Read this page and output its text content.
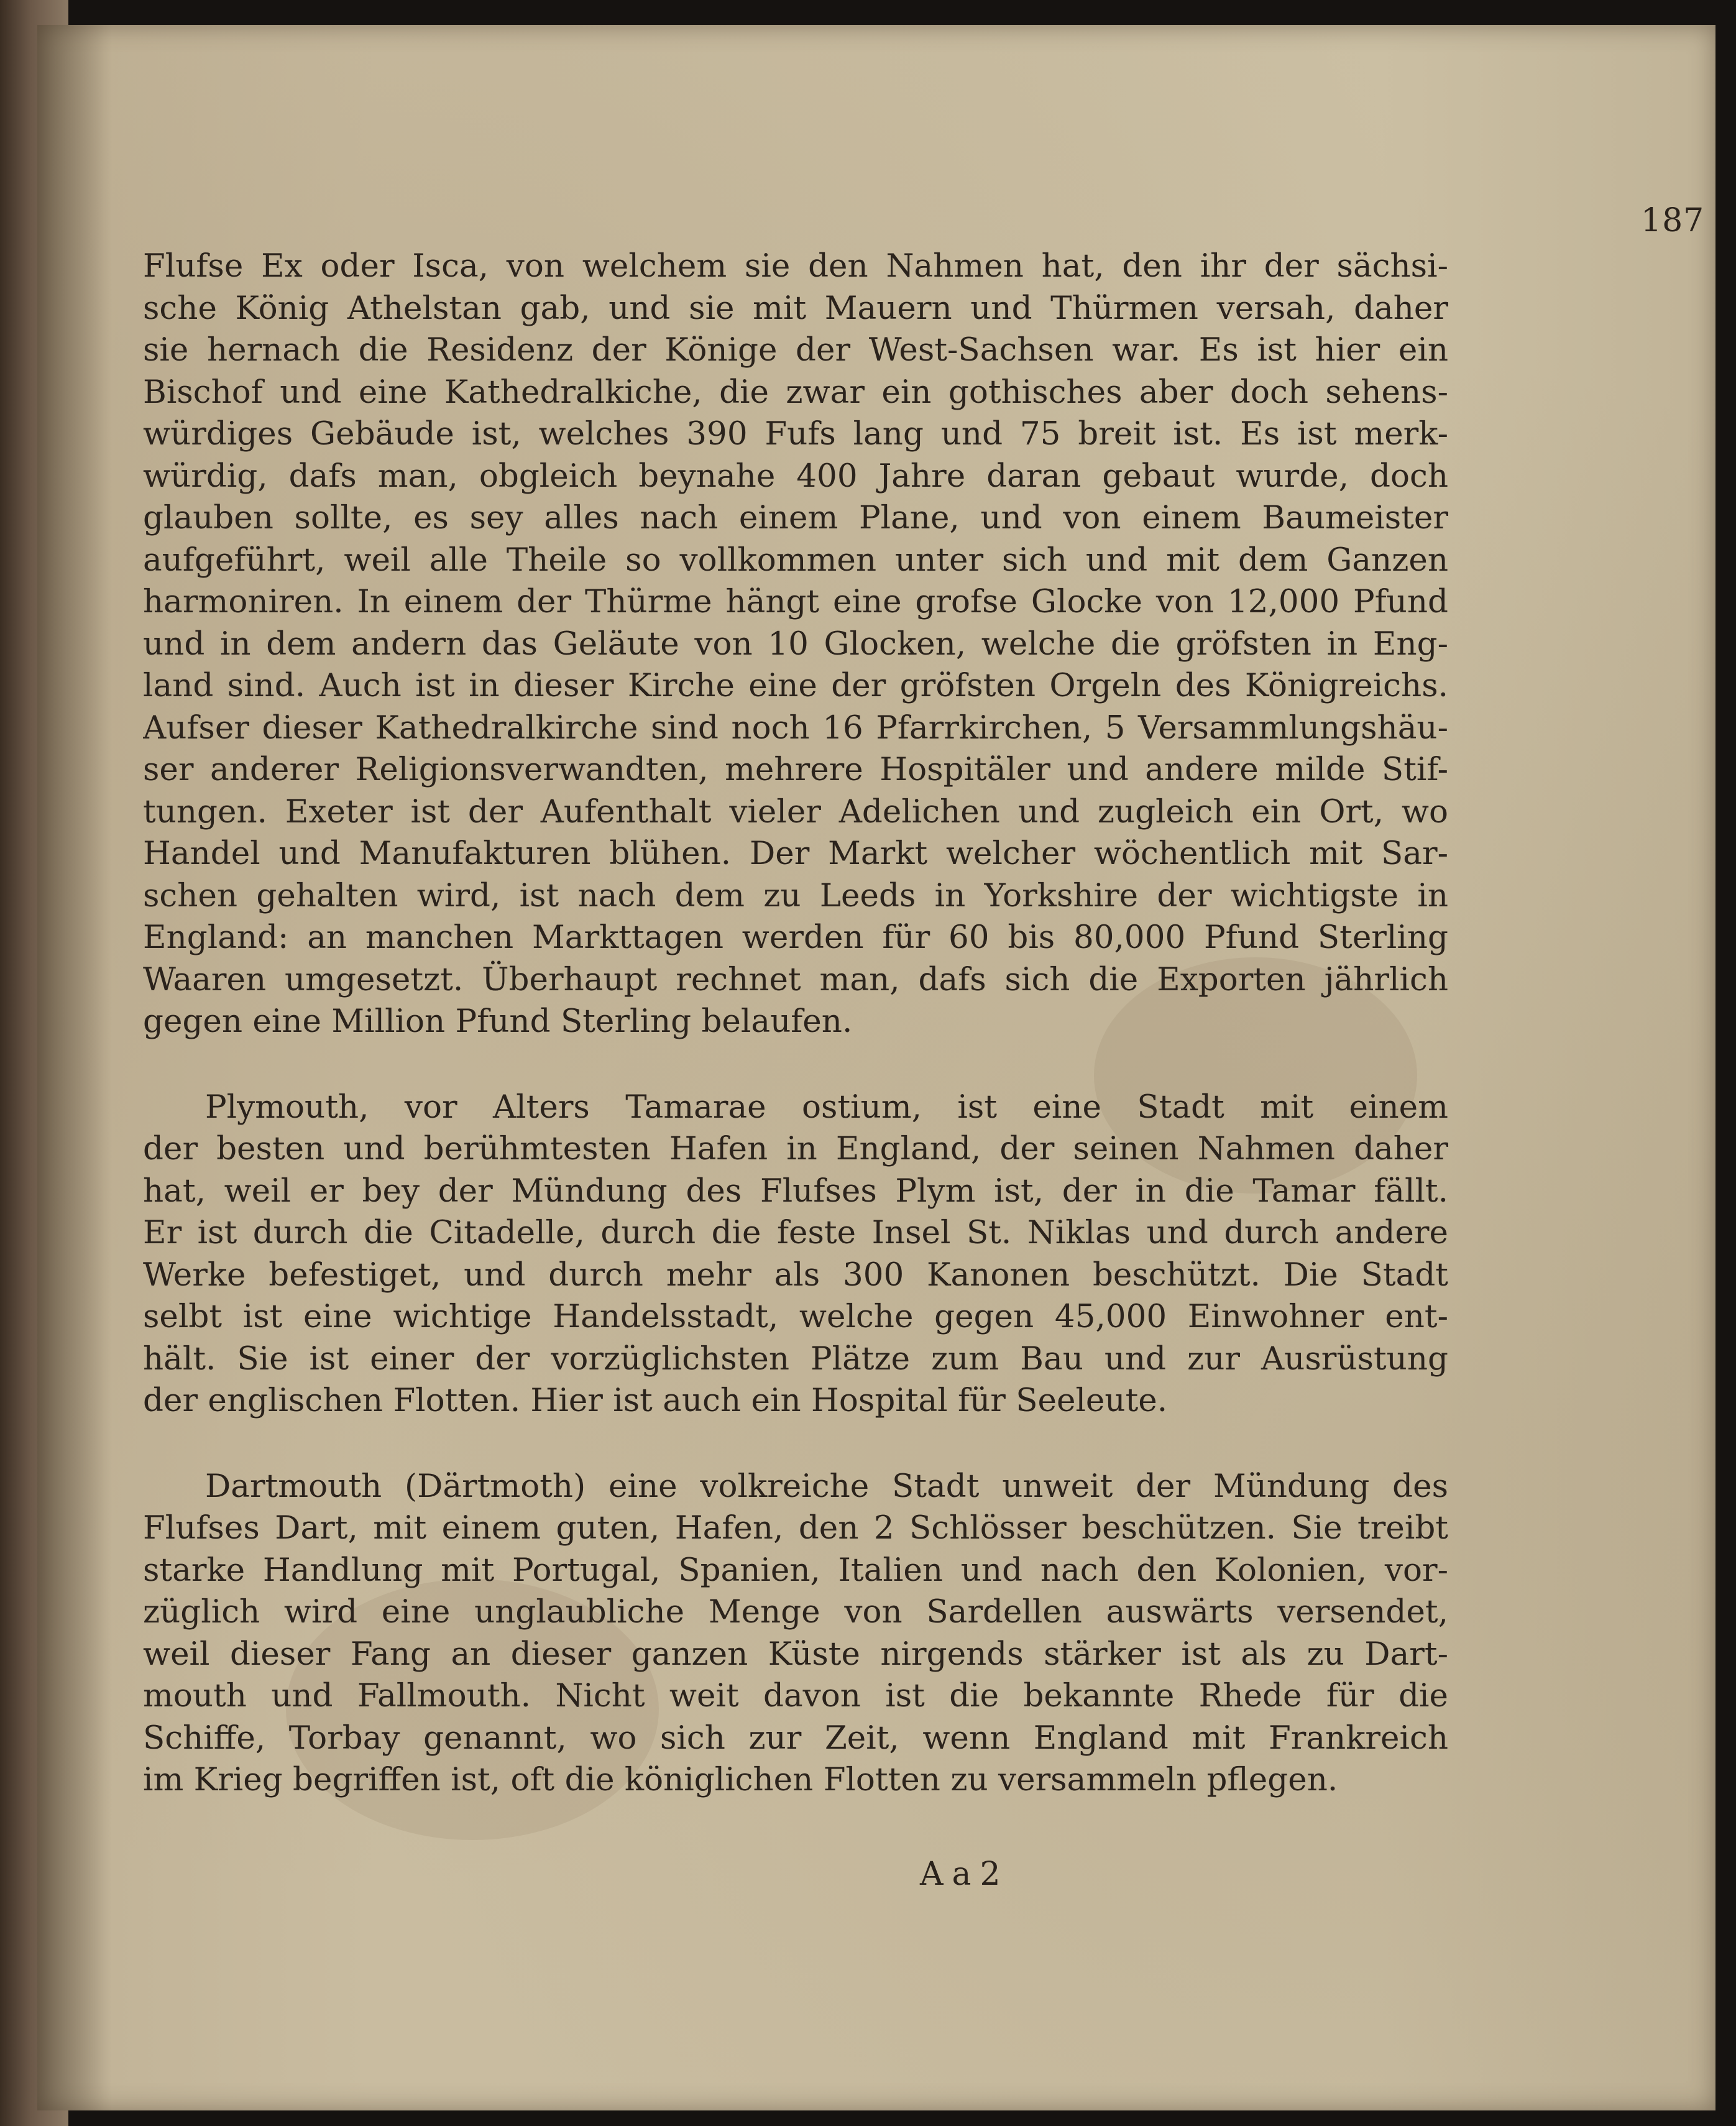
187

Flufse Ex oder Isca, von welchem sie den Nahmen hat, den ihr der sächsi-
sche König Athelstan gab, und sie mit Mauern und Thürmen versah, daher
sie hernach die Residenz der Könige der West-Sachsen war. Es ist hier ein
Bischof und eine Kathedralkiche, die zwar ein gothisches aber doch sehens-
würdiges Gebäude ist, welches 390 Fufs lang und 75 breit ist. Es ist merk-
würdig, dafs man, obgleich beynahe 400 Jahre daran gebaut wurde, doch
glauben sollte, es sey alles nach einem Plane, und von einem Baumeister
aufgeführt, weil alle Theile so vollkommen unter sich und mit dem Ganzen
harmoniren. In einem der Thürme hängt eine grofse Glocke von 12,000 Pfund
und in dem andern das Geläute von 10 Glocken, welche die gröfsten in Eng-
land sind. Auch ist in dieser Kirche eine der gröfsten Orgeln des Königreichs.
Aufser dieser Kathedralkirche sind noch 16 Pfarrkirchen, 5 Versammlungshäu-
ser anderer Religionsverwandten, mehrere Hospitäler und andere milde Stif-
tungen. Exeter ist der Aufenthalt vieler Adelichen und zugleich ein Ort, wo
Handel und Manufakturen blühen. Der Markt welcher wöchentlich mit Sar-
schen gehalten wird, ist nach dem zu Leeds in Yorkshire der wichtigste in
England: an manchen Markttagen werden für 60 bis 80,000 Pfund Sterling
Waaren umgesetzt. Überhaupt rechnet man, dafs sich die Exporten jährlich
gegen eine Million Pfund Sterling belaufen.

Plymouth, vor Alters Tamarae ostium, ist eine Stadt mit einem
der besten und berühmtesten Hafen in England, der seinen Nahmen daher
hat, weil er bey der Mündung des Flufses Plym ist, der in die Tamar fällt.
Er ist durch die Citadelle, durch die feste Insel St. Niklas und durch andere
Werke befestiget, und durch mehr als 300 Kanonen beschützt. Die Stadt
selbt ist eine wichtige Handelsstadt, welche gegen 45,000 Einwohner ent-
hält. Sie ist einer der vorzüglichsten Plätze zum Bau und zur Ausrüstung
der englischen Flotten. Hier ist auch ein Hospital für Seeleute.

Dartmouth (Därtmoth) eine volkreiche Stadt unweit der Mündung des
Flufses Dart, mit einem guten, Hafen, den 2 Schlösser beschützen. Sie treibt
starke Handlung mit Portugal, Spanien, Italien und nach den Kolonien, vor-
züglich wird eine unglaubliche Menge von Sardellen auswärts versendet,
weil dieser Fang an dieser ganzen Küste nirgends stärker ist als zu Dart-
mouth und Fallmouth. Nicht weit davon ist die bekannte Rhede für die
Schiffe, Torbay genannt, wo sich zur Zeit, wenn England mit Frankreich
im Krieg begriffen ist, oft die königlichen Flotten zu versammeln pflegen.

Aa2
